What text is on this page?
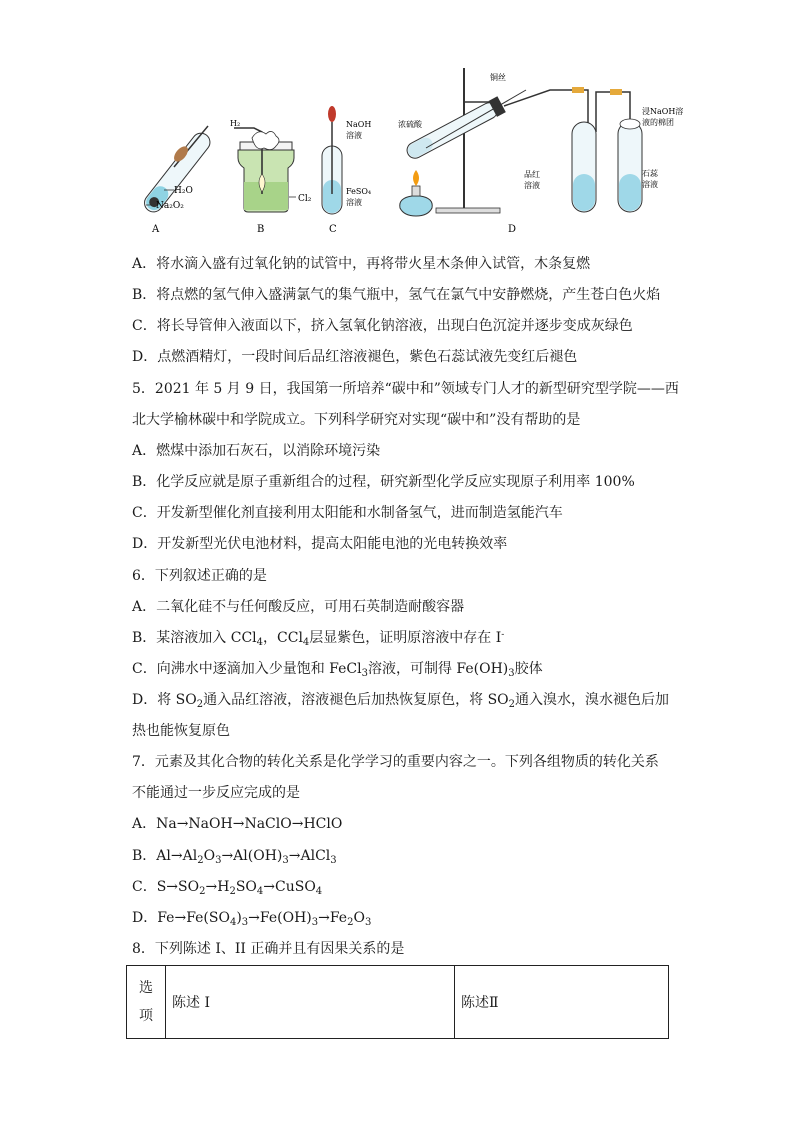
H₂O
Na₂O₂
A
H₂
Cl₂
B
NaOH
溶液
FeSO₄
溶液
C
铜丝
浓硫酸
品红
溶液
石蕊
溶液
浸NaOH溶
液的棉团
D
A．将水滴入盛有过氧化钠的试管中，再将带火星木条伸入试管，木条复燃
B．将点燃的氢气伸入盛满氯气的集气瓶中，氢气在氯气中安静燃烧，产生苍白色火焰
C．将长导管伸入液面以下，挤入氢氧化钠溶液，出现白色沉淀并逐步变成灰绿色
D．点燃酒精灯，一段时间后品红溶液褪色，紫色石蕊试液先变红后褪色
5．2021 年 5 月 9 日，我国第一所培养“碳中和”领域专门人才的新型研究型学院——西
北大学榆林碳中和学院成立。下列科学研究对实现“碳中和”没有帮助的是
A．燃煤中添加石灰石，以消除环境污染
B．化学反应就是原子重新组合的过程，研究新型化学反应实现原子利用率 100%
C．开发新型催化剂直接利用太阳能和水制备氢气，进而制造氢能汽车
D．开发新型光伏电池材料，提高太阳能电池的光电转换效率
6．下列叙述正确的是
A．二氧化硅不与任何酸反应，可用石英制造耐酸容器
B．某溶液加入 CCl$_4$，CCl$_4$层显紫色，证明原溶液中存在 I-
C．向沸水中逐滴加入少量饱和 FeCl$_3$溶液，可制得 $Fe(OH)_3$胶体
D．将 $SO_2$通入品红溶液，溶液褪色后加热恢复原色，将 $SO_2$通入溴水，溴水褪色后加
热也能恢复原色
7．元素及其化合物的转化关系是化学学习的重要内容之一。下列各组物质的转化关系
不能通过一步反应完成的是
A．Na→NaOH→NaClO→HClO
B．$Al\to Al_2O_3\to Al(OH)_3\to AlCl_3$
C．$S\to SO_2\to H_2SO_4\to CuSO_4$
D．$Fe\to Fe(SO_4)_3\to Fe(OH)_3\to Fe_2O_3$
8．下列陈述 I、II 正确并且有因果关系的是
选
项	陈述 I	陈述Ⅱ
